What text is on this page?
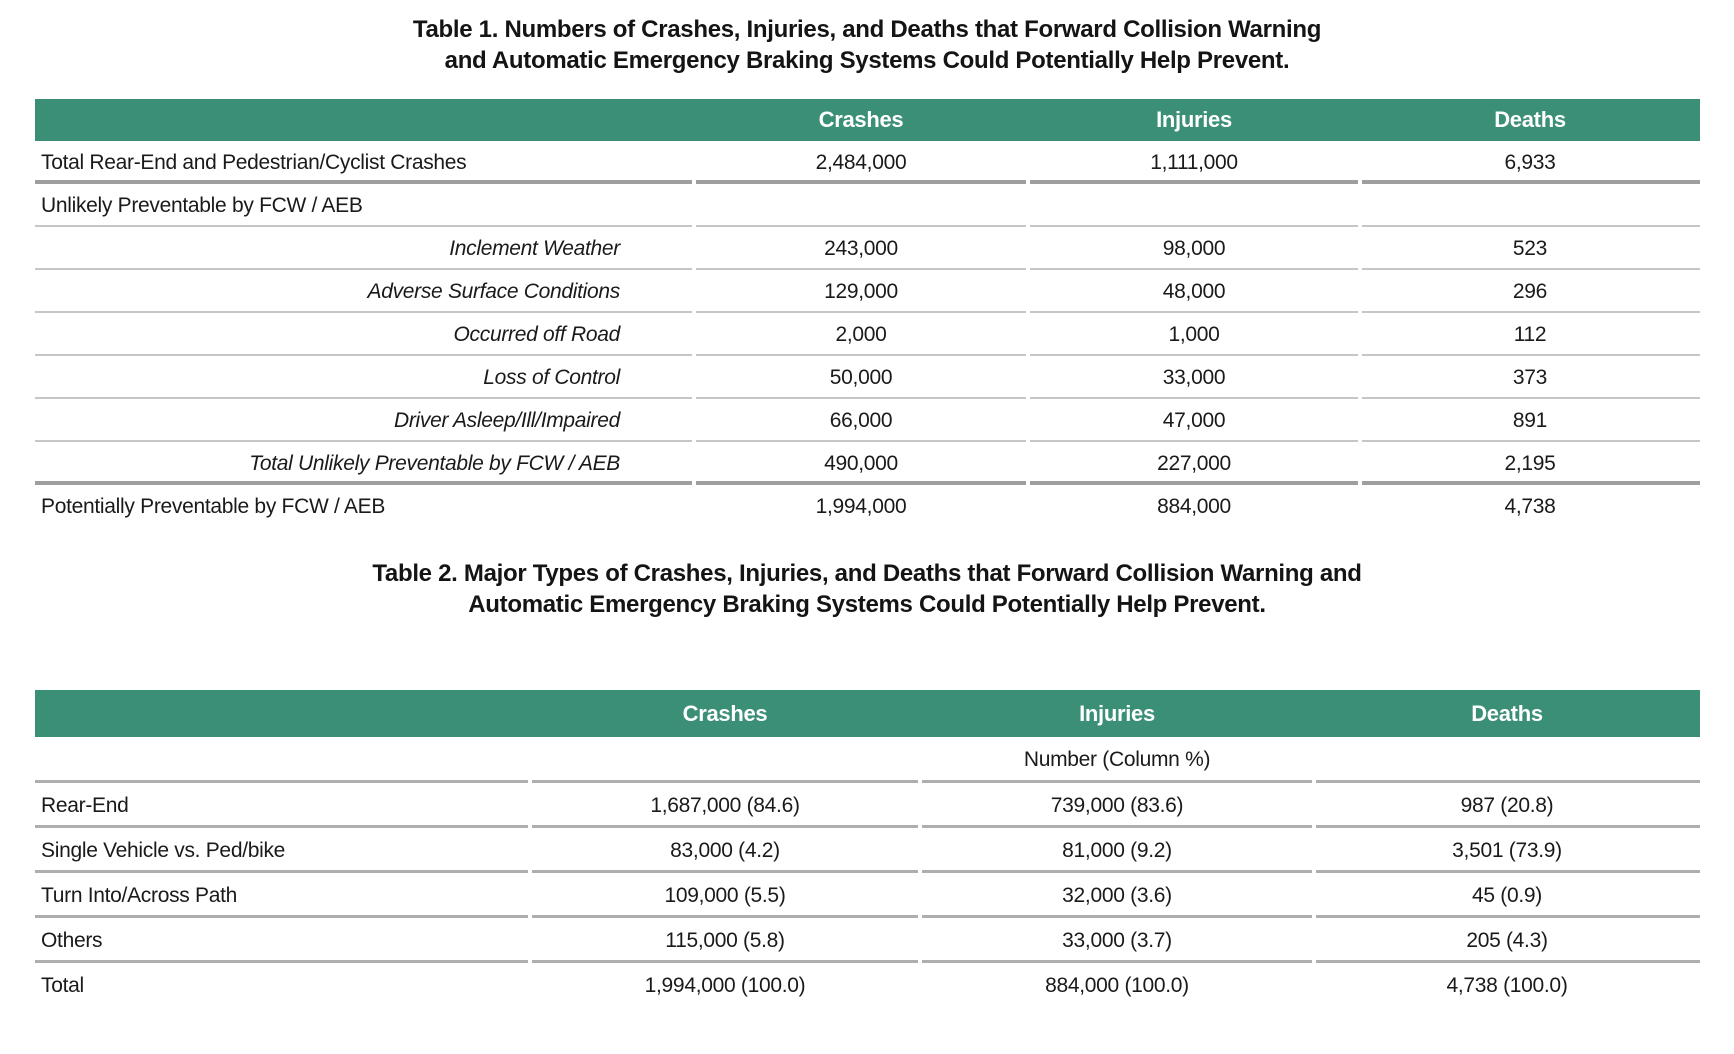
Table 1. Numbers of Crashes, Injuries, and Deaths that Forward Collision Warning
and Automatic Emergency Braking Systems Could Potentially Help Prevent.
	Crashes	Injuries	Deaths
Total Rear-End and Pedestrian/Cyclist Crashes	2,484,000	1,111,000	6,933
Unlikely Preventable by FCW / AEB			
Inclement Weather	243,000	98,000	523
Adverse Surface Conditions	129,000	48,000	296
Occurred off Road	2,000	1,000	112
Loss of Control	50,000	33,000	373
Driver Asleep/Ill/Impaired	66,000	47,000	891
Total Unlikely Preventable by FCW / AEB	490,000	227,000	2,195
Potentially Preventable by FCW / AEB	1,994,000	884,000	4,738
Table 2. Major Types of Crashes, Injuries, and Deaths that Forward Collision Warning and
Automatic Emergency Braking Systems Could Potentially Help Prevent.
	Crashes	Injuries	Deaths
		Number (Column %)	
Rear-End	1,687,000 (84.6)	739,000 (83.6)	987 (20.8)
Single Vehicle vs. Ped/bike	83,000 (4.2)	81,000 (9.2)	3,501 (73.9)
Turn Into/Across Path	109,000 (5.5)	32,000 (3.6)	45 (0.9)
Others	115,000 (5.8)	33,000 (3.7)	205 (4.3)
Total	1,994,000 (100.0)	884,000 (100.0)	4,738 (100.0)
